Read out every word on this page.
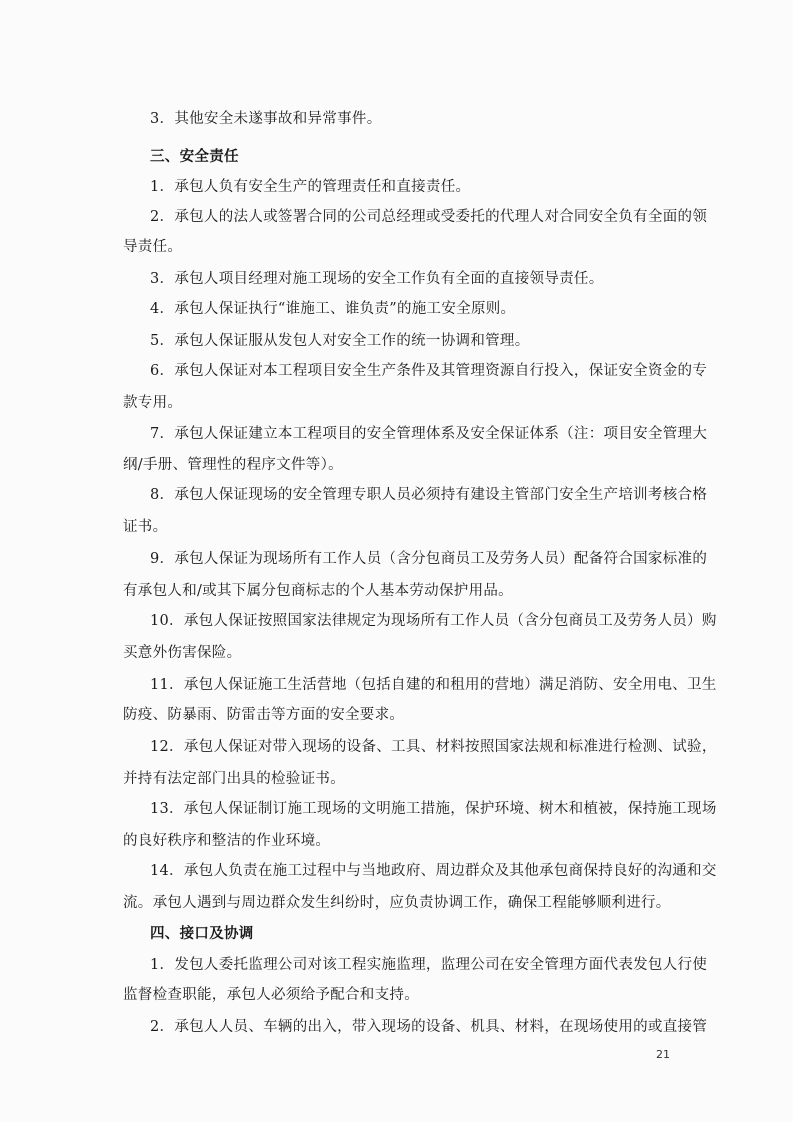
3．其他安全未遂事故和异常事件。
三、安全责任
1．承包人负有安全生产的管理责任和直接责任。
2．承包人的法人或签署合同的公司总经理或受委托的代理人对合同安全负有全面的领
导责任。
3．承包人项目经理对施工现场的安全工作负有全面的直接领导责任。
4．承包人保证执行“谁施工、谁负责”的施工安全原则。
5．承包人保证服从发包人对安全工作的统一协调和管理。
6．承包人保证对本工程项目安全生产条件及其管理资源自行投入，保证安全资金的专
款专用。
7．承包人保证建立本工程项目的安全管理体系及安全保证体系（注：项目安全管理大
纲/手册、管理性的程序文件等）。
8．承包人保证现场的安全管理专职人员必须持有建设主管部门安全生产培训考核合格
证书。
9．承包人保证为现场所有工作人员（含分包商员工及劳务人员）配备符合国家标准的
有承包人和/或其下属分包商标志的个人基本劳动保护用品。
10．承包人保证按照国家法律规定为现场所有工作人员（含分包商员工及劳务人员）购
买意外伤害保险。
11．承包人保证施工生活营地（包括自建的和租用的营地）满足消防、安全用电、卫生
防疫、防暴雨、防雷击等方面的安全要求。
12．承包人保证对带入现场的设备、工具、材料按照国家法规和标准进行检测、试验，
并持有法定部门出具的检验证书。
13．承包人保证制订施工现场的文明施工措施，保护环境、树木和植被，保持施工现场
的良好秩序和整洁的作业环境。
14．承包人负责在施工过程中与当地政府、周边群众及其他承包商保持良好的沟通和交
流。承包人遇到与周边群众发生纠纷时，应负责协调工作，确保工程能够顺利进行。
四、接口及协调
1．发包人委托监理公司对该工程实施监理，监理公司在安全管理方面代表发包人行使
监督检查职能，承包人必须给予配合和支持。
2．承包人人员、车辆的出入，带入现场的设备、机具、材料，在现场使用的或直接管
21
